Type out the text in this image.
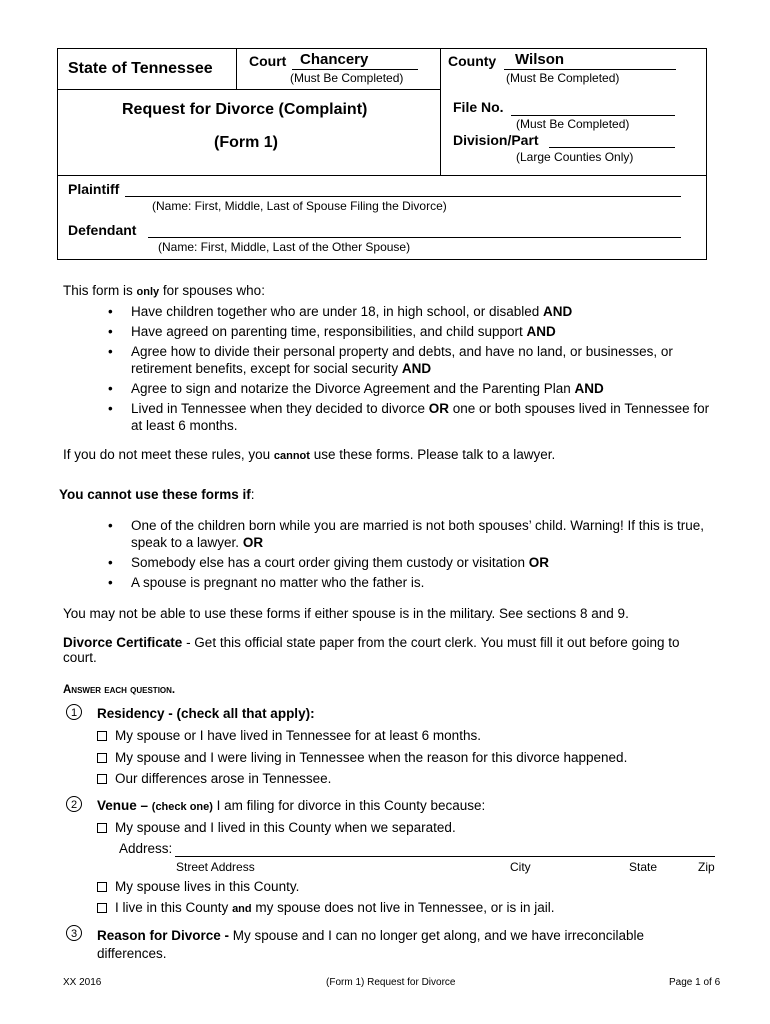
State of Tennessee	Court Chancery
(Must Be Completed)
County Wilson
(Must Be Completed)
Request for Divorce (Complaint)
(Form 1)
File No.
(Must Be Completed)
Division/Part
(Large Counties Only)
Plaintiff
(Name: First, Middle, Last of Spouse Filing the Divorce)
Defendant
(Name: First, Middle, Last of the Other Spouse)
This form is only for spouses who:
• Have children together who are under 18, in high school, or disabled AND
• Have agreed on parenting time, responsibilities, and child support AND
• Agree how to divide their personal property and debts, and have no land, or businesses, or retirement benefits, except for social security AND
• Agree to sign and notarize the Divorce Agreement and the Parenting Plan AND
• Lived in Tennessee when they decided to divorce OR one or both spouses lived in Tennessee for at least 6 months.
If you do not meet these rules, you cannot use these forms. Please talk to a lawyer.
You cannot use these forms if:
• One of the children born while you are married is not both spouses’ child. Warning! If this is true, speak to a lawyer. OR
• Somebody else has a court order giving them custody or visitation OR
• A spouse is pregnant no matter who the father is.
You may not be able to use these forms if either spouse is in the military. See sections 8 and 9.
Divorce Certificate - Get this official state paper from the court clerk. You must fill it out before going to court.
Answer each question.
1	Residency - (check all that apply):
My spouse or I have lived in Tennessee for at least 6 months.
My spouse and I were living in Tennessee when the reason for this divorce happened.
Our differences arose in Tennessee.
2	Venue – (check one) I am filing for divorce in this County because:
My spouse and I lived in this County when we separated.
Address:
Street Address	City	State	Zip
My spouse lives in this County.
I live in this County and my spouse does not live in Tennessee, or is in jail.
3	Reason for Divorce - My spouse and I can no longer get along, and we have irreconcilable differences.
XX 2016	(Form 1) Request for Divorce	Page 1 of 6
